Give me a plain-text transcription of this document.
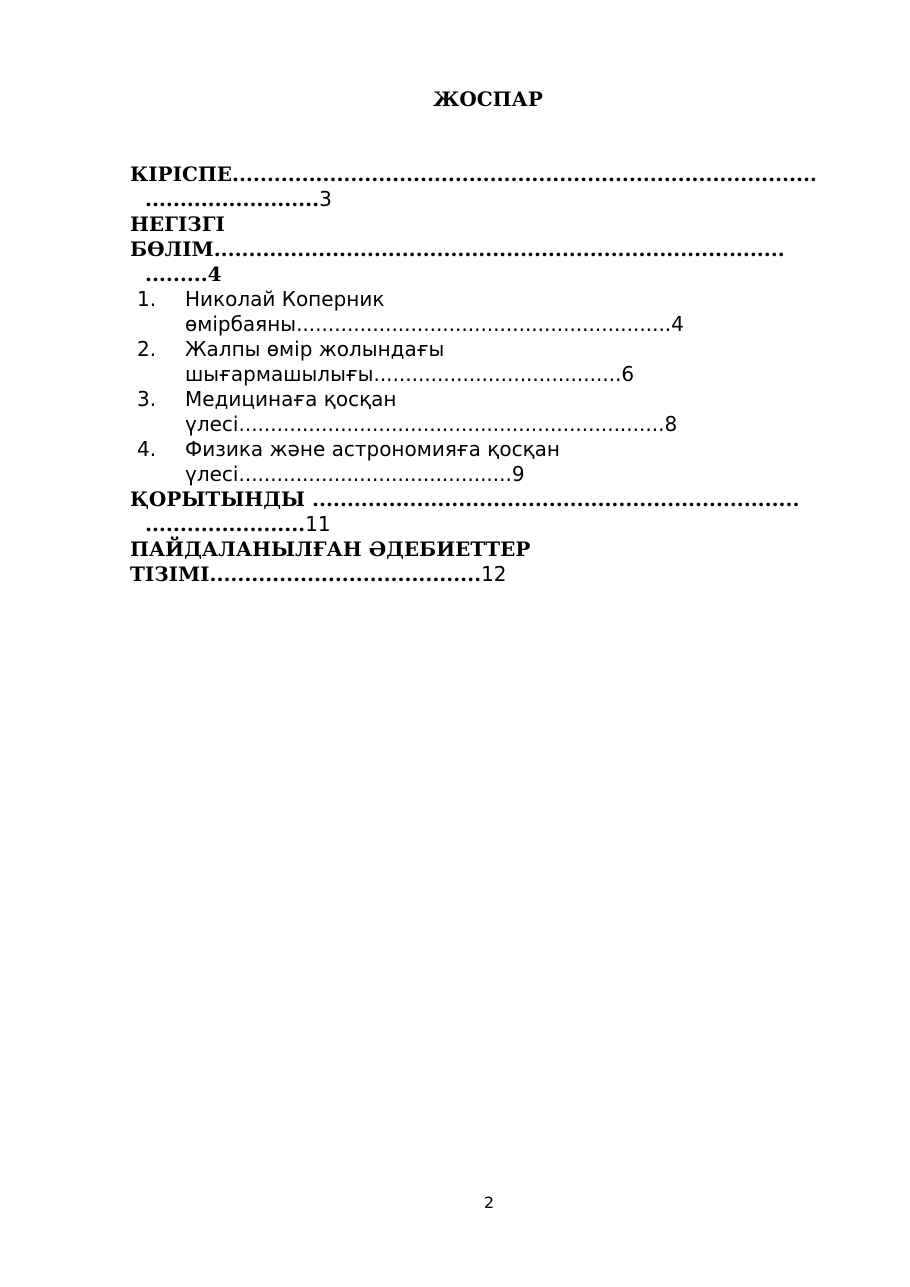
ЖОСПАР
КІРІСПЕ....................................................................................
.........................3
НЕГІЗГІ
БӨЛІМ..................................................................................
.........4
1. Николай Коперник
өмірбаяны...........................................................4
2. Жалпы өмір жолындағы
шығармашылығы.......................................6
3. Медицинаға қосқан
үлесі...................................................................8
4. Физика және астрономияға қосқан
үлесі...........................................9
ҚОРЫТЫНДЫ ......................................................................
.......................11
ПАЙДАЛАНЫЛҒАН ӘДЕБИЕТТЕР
ТІЗІМІ.......................................12
2
